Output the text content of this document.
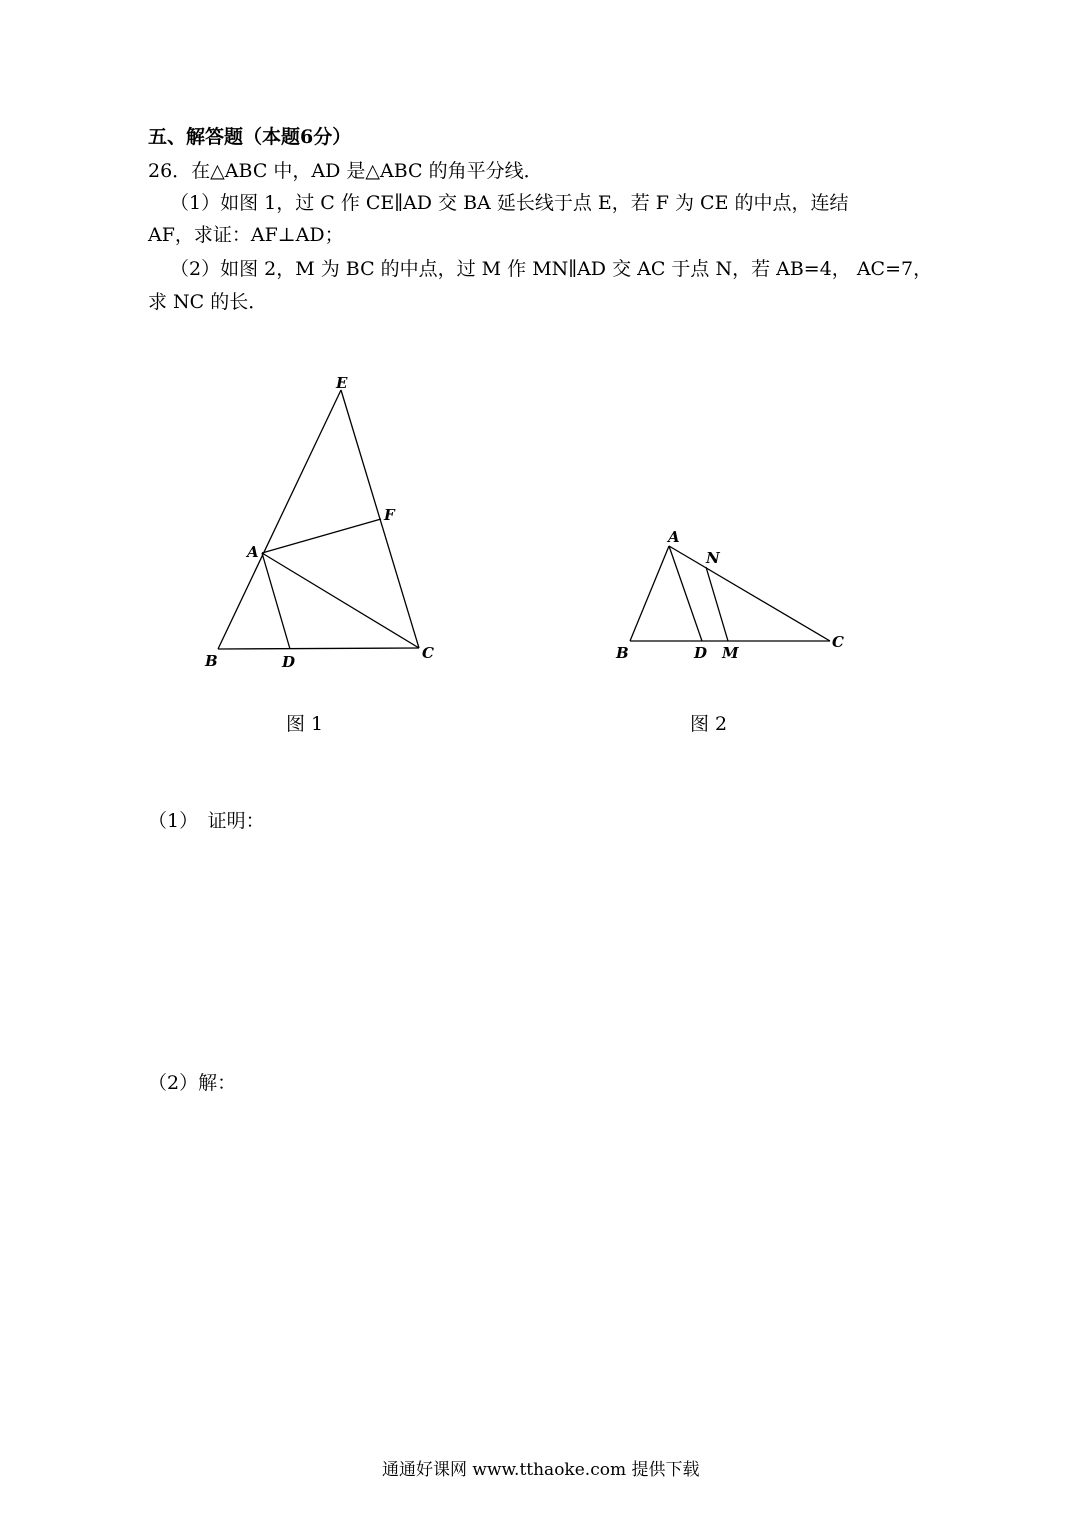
五、解答题（本题6分）
26．在△ABC 中，AD 是△ABC 的角平分线．
（1）如图 1，过 C 作 CE∥AD 交 BA 延长线于点 E，若 F 为 CE 的中点，连结
AF，求证：AF⊥AD；
（2）如图 2，M 为 BC 的中点，过 M 作 MN∥AD 交 AC 于点 N，若 AB=4， AC=7，
求 NC 的长．
E
F
A
B	D	C
A
N
B	D M
C
图 1	图 2
（1）　证明：
（2）解：
通通好课网 www.tthaoke.com 提供下载
